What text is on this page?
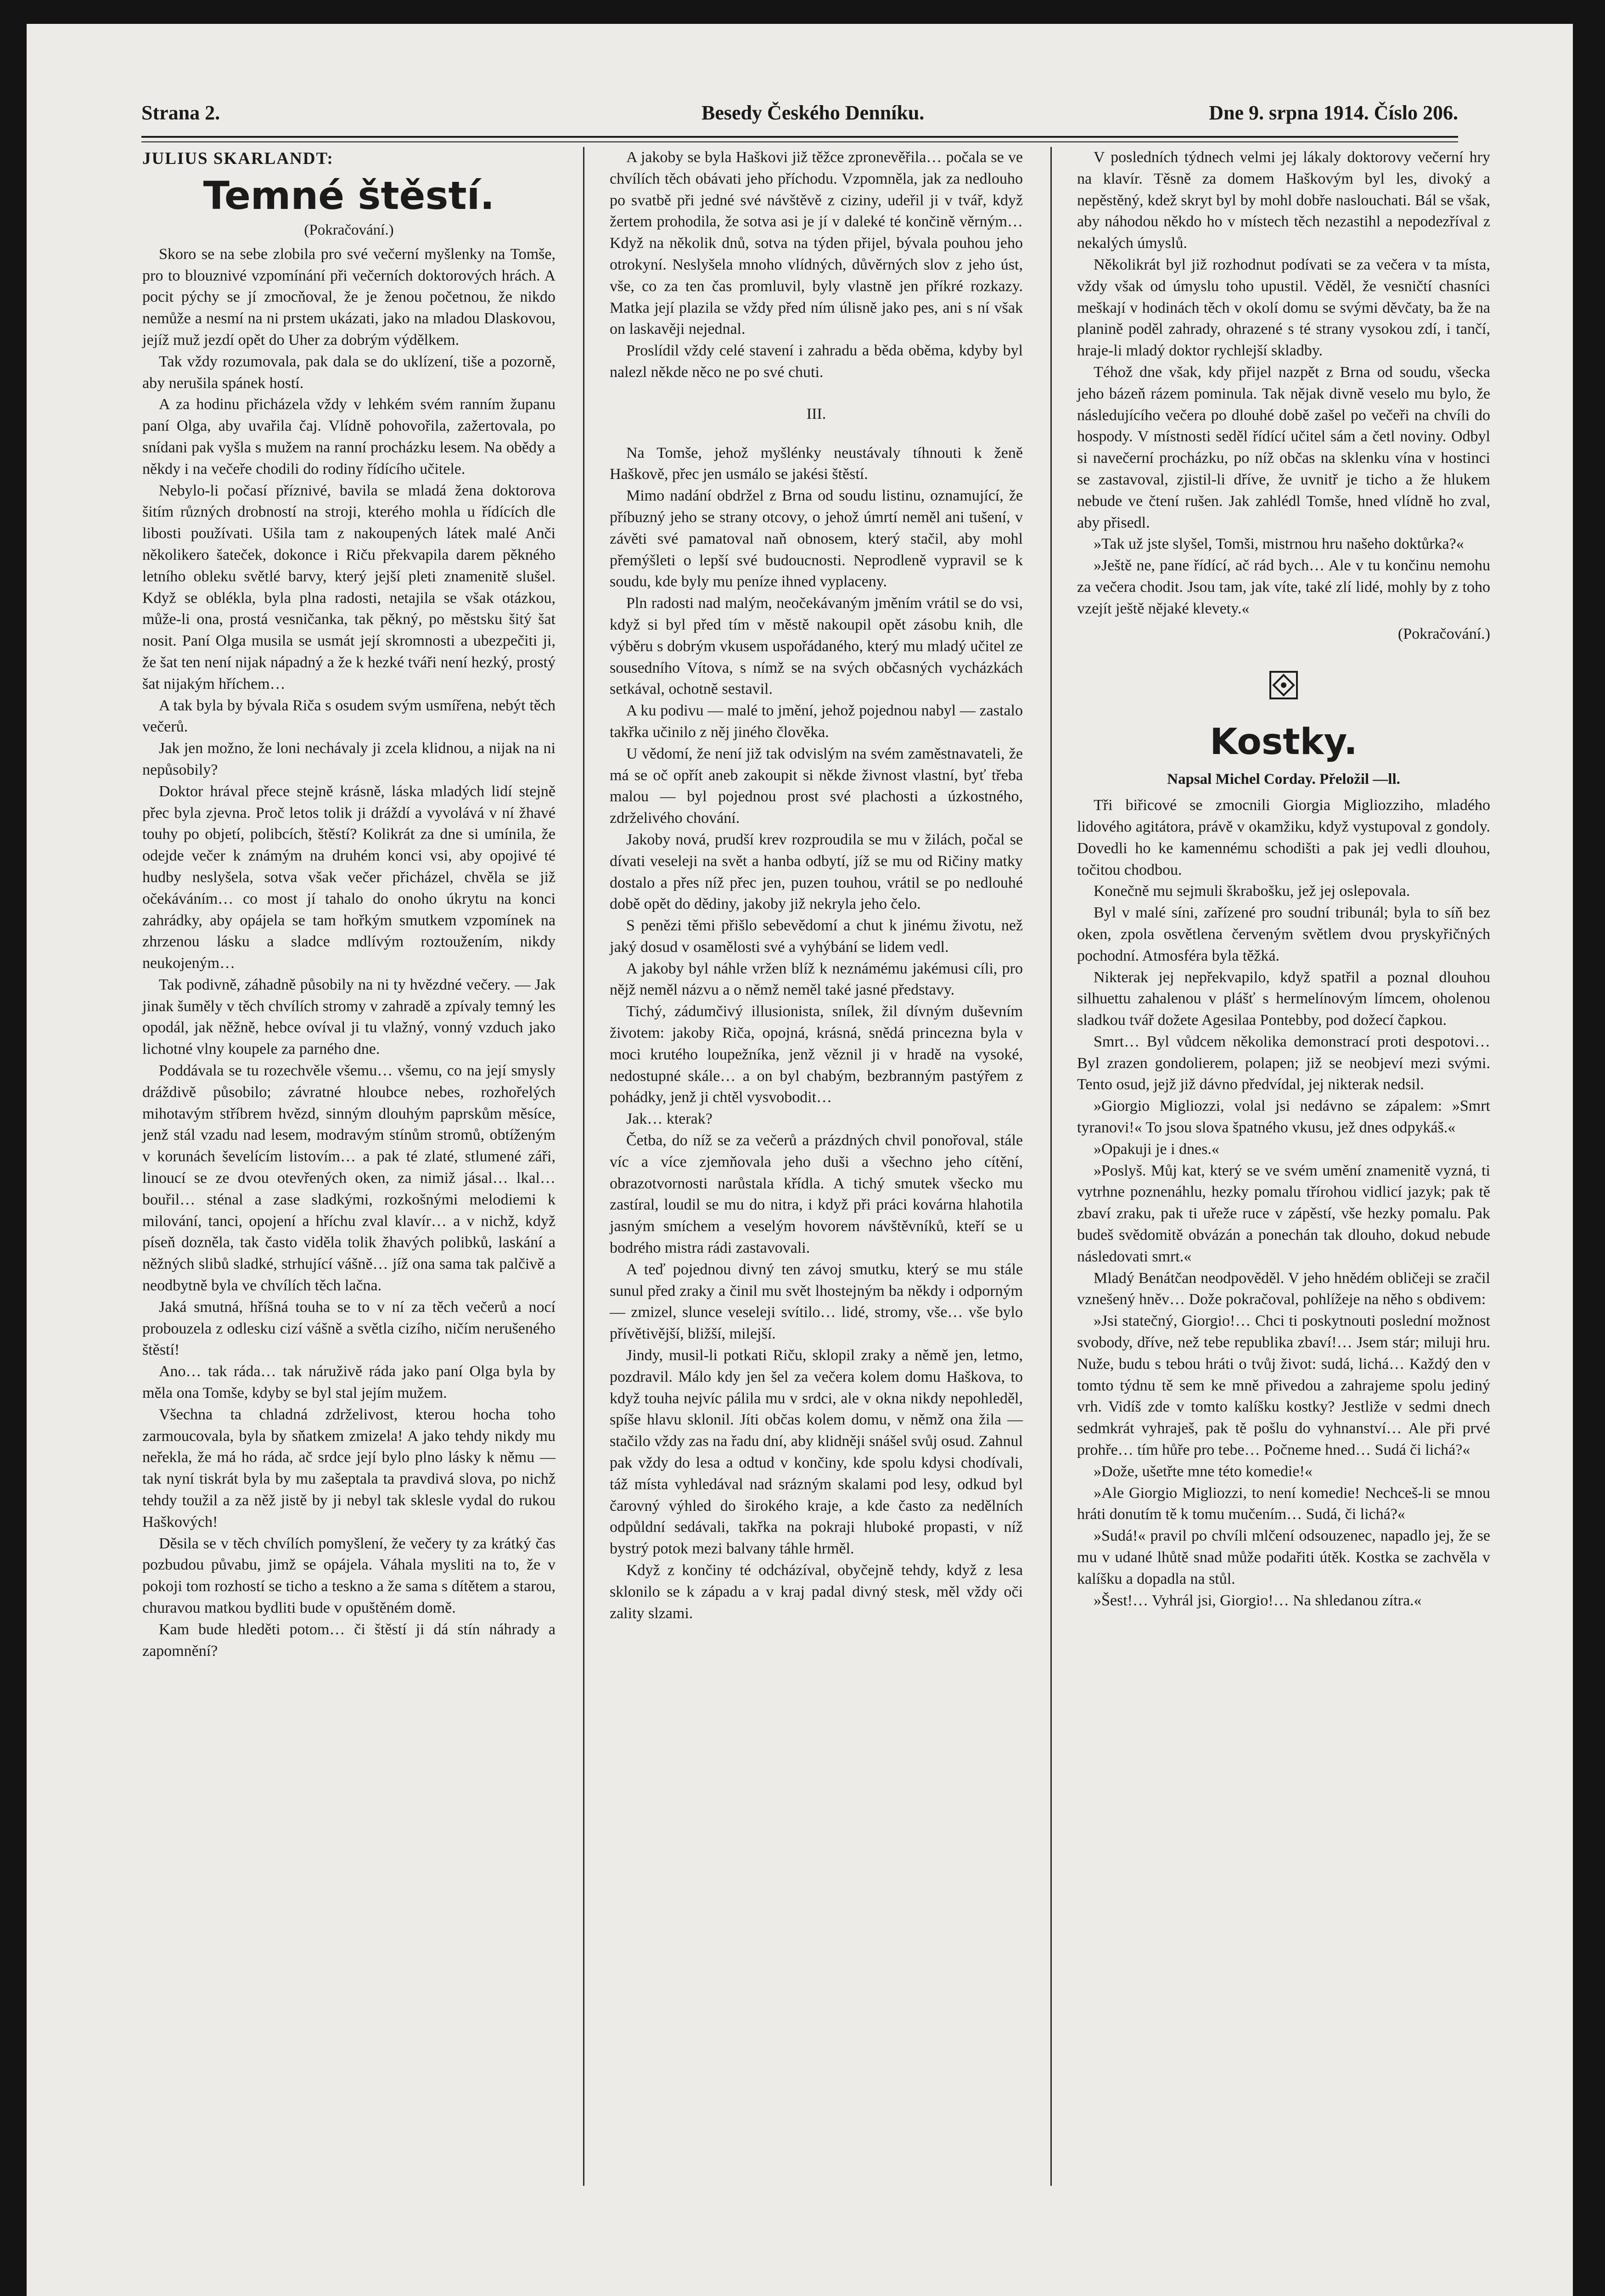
Strana 2.	Besedy Českého Denníku.	Dne 9. srpna 1914. Číslo 206.
JULIUS SKARLANDT:
Temné štěstí.
(Pokračování.)

Skoro se na sebe zlobila pro své večerní myšlenky na Tomše, pro to blouznivé vzpomínání při večerních doktorových hrách. A pocit pýchy se jí zmocňoval, že je ženou početnou, že nikdo nemůže a nesmí na ni prstem ukázati, jako na mladou Dlaskovou, jejíž muž jezdí opět do Uher za dobrým výdělkem.

Tak vždy rozumovala, pak dala se do uklízení, tiše a pozorně, aby nerušila spánek hostí.

A za hodinu přicházela vždy v lehkém svém ranním županu paní Olga, aby uvařila čaj. Vlídně pohovořila, zažertovala, po snídani pak vyšla s mužem na ranní procházku lesem. Na obědy a někdy i na večeře chodili do rodiny řídícího učitele.

Nebylo-li počasí příznivé, bavila se mladá žena doktorova šitím různých drobností na stroji, kterého mohla u řídících dle libosti používati. Ušila tam z nakoupených látek malé Anči několikero šateček, dokonce i Riču překvapila darem pěkného letního obleku světlé barvy, který jejší pleti znamenitě slušel. Když se oblékla, byla plna radosti, netajila se však otázkou, může-li ona, prostá vesničanka, tak pěkný, po městsku šitý šat nosit. Paní Olga musila se usmát její skromnosti a ubezpečiti ji, že šat ten není nijak nápadný a že k hezké tváři není hezký, prostý šat nijakým hříchem…

A tak byla by bývala Riča s osudem svým usmířena, nebýt těch večerů.

Jak jen možno, že loni nechávaly ji zcela klidnou, a nijak na ni nepůsobily?

Doktor hrával přece stejně krásně, láska mladých lidí stejně přec byla zjevna. Proč letos tolik ji dráždí a vyvolává v ní žhavé touhy po objetí, polibcích, štěstí? Kolikrát za dne si umínila, že odejde večer k známým na druhém konci vsi, aby opojivé té hudby neslyšela, sotva však večer přicházel, chvěla se již očekáváním… co most jí tahalo do onoho úkrytu na konci zahrádky, aby opájela se tam hořkým smutkem vzpomínek na zhrzenou lásku a sladce mdlívým roztoužením, nikdy neukojeným…

Tak podivně, záhadně působily na ni ty hvězdné večery. — Jak jinak šuměly v těch chvílích stromy v zahradě a zpívaly temný les opodál, jak něžně, hebce ovíval ji tu vlažný, vonný vzduch jako lichotné vlny koupele za parného dne.

Poddávala se tu rozechvěle všemu… všemu, co na její smysly dráždivě působilo; závratné hloubce nebes, rozhořelých mihotavým stříbrem hvězd, sinným dlouhým paprskům měsíce, jenž stál vzadu nad lesem, modravým stínům stromů, obtíženým v korunách ševelícím listovím… a pak té zlaté, stlumené záři, linoucí se ze dvou otevřených oken, za nimiž jásal… lkal… bouřil… sténal a zase sladkými, rozkošnými melodiemi k milování, tanci, opojení a hříchu zval klavír… a v nichž, když píseň dozněla, tak často viděla tolik žhavých polibků, laskání a něžných slibů sladké, strhující vášně… jíž ona sama tak palčivě a neodbytně byla ve chvílích těch lačna.

Jaká smutná, hříšná touha se to v ní za těch večerů a nocí probouzela z odlesku cizí vášně a světla cizího, ničím nerušeného štěstí!

Ano… tak ráda… tak náruživě ráda jako paní Olga byla by měla ona Tomše, kdyby se byl stal jejím mužem.

Všechna ta chladná zdrželivost, kterou hocha toho zarmoucovala, byla by sňatkem zmizela! A jako tehdy nikdy mu neřekla, že má ho ráda, ač srdce její bylo plno lásky k němu — tak nyní tiskrát byla by mu zašeptala ta pravdivá slova, po nichž tehdy toužil a za něž jistě by ji nebyl tak sklesle vydal do rukou Haškových!

Děsila se v těch chvílích pomyšlení, že večery ty za krátký čas pozbudou půvabu, jimž se opájela. Váhala mysliti na to, že v pokoji tom rozhostí se ticho a teskno a že sama s dítětem a starou, churavou matkou bydliti bude v opuštěném domě.

Kam bude hleděti potom… či štěstí ji dá stín náhrady a zapomnění?

A jakoby se byla Haškovi již těžce zpronevěřila… počala se ve chvílích těch obávati jeho příchodu. Vzpomněla, jak za nedlouho po svatbě při jedné své návštěvě z ciziny, udeřil ji v tvář, když žertem prohodila, že sotva asi je jí v daleké té končině věrným… Když na několik dnů, sotva na týden přijel, bývala pouhou jeho otrokyní. Neslyšela mnoho vlídných, důvěrných slov z jeho úst, vše, co za ten čas promluvil, byly vlastně jen příkré rozkazy. Matka její plazila se vždy před ním úlisně jako pes, ani s ní však on laskavěji nejednal.

Proslídil vždy celé stavení i zahradu a běda oběma, kdyby byl nalezl někde něco ne po své chuti.

III.

Na Tomše, jehož myšlénky neustávaly tíhnouti k ženě Haškově, přec jen usmálo se jakési štěstí.

Mimo nadání obdržel z Brna od soudu listinu, oznamující, že příbuzný jeho se strany otcovy, o jehož úmrtí neměl ani tušení, v závěti své pamatoval naň obnosem, který stačil, aby mohl přemýšleti o lepší své budoucnosti. Neprodleně vypravil se k soudu, kde byly mu peníze ihned vyplaceny.

Pln radosti nad malým, neočekávaným jměním vrátil se do vsi, když si byl před tím v městě nakoupil opět zásobu knih, dle výběru s dobrým vkusem uspořádaného, který mu mladý učitel ze sousedního Vítova, s nímž se na svých občasných vycházkách setkával, ochotně sestavil.

A ku podivu — malé to jmění, jehož pojednou nabyl — zastalo takřka učinilo z něj jiného člověka.

U vědomí, že není již tak odvislým na svém zaměstnavateli, že má se oč opřít aneb zakoupit si někde živnost vlastní, byť třeba malou — byl pojednou prost své plachosti a úzkostného, zdrželivého chování.

Jakoby nová, prudší krev rozproudila se mu v žilách, počal se dívati veseleji na svět a hanba odbytí, jíž se mu od Ričiny matky dostalo a přes níž přec jen, puzen touhou, vrátil se po nedlouhé době opět do dědiny, jakoby již nekryla jeho čelo.

S penězi těmi přišlo sebevědomí a chut k jinému životu, než jaký dosud v osamělosti své a vyhýbání se lidem vedl.

A jakoby byl náhle vržen blíž k neznámému jakémusi cíli, pro nějž neměl názvu a o němž neměl také jasné představy.

Tichý, zádumčivý illusionista, snílek, žil dívným duševním životem: jakoby Riča, opojná, krásná, snědá princezna byla v moci krutého loupežníka, jenž věznil ji v hradě na vysoké, nedostupné skále… a on byl chabým, bezbranným pastýřem z pohádky, jenž ji chtěl vysvobodit…

Jak… kterak?

Četba, do níž se za večerů a prázdných chvil ponořoval, stále víc a více zjemňovala jeho duši a všechno jeho cítění, obrazotvornosti narůstala křídla. A tichý smutek všecko mu zastíral, loudil se mu do nitra, i když při práci kovárna hlahotila jasným smíchem a veselým hovorem návštěvníků, kteří se u bodrého mistra rádi zastavovali.

A teď pojednou divný ten závoj smutku, který se mu stále sunul před zraky a činil mu svět lhostejným ba někdy i odporným — zmizel, slunce veseleji svítilo… lidé, stromy, vše… vše bylo přívětivější, bližší, milejší.

Jindy, musil-li potkati Riču, sklopil zraky a němě jen, letmo, pozdravil. Málo kdy jen šel za večera kolem domu Haškova, to když touha nejvíc pálila mu v srdci, ale v okna nikdy nepohleděl, spíše hlavu sklonil. Jíti občas kolem domu, v němž ona žila — stačilo vždy zas na řadu dní, aby klidněji snášel svůj osud. Zahnul pak vždy do lesa a odtud v končiny, kde spolu kdysi chodívali, táž místa vyhledával nad srázným skalami pod lesy, odkud byl čarovný výhled do širokého kraje, a kde často za nedělních odpůldní sedávali, takřka na pokraji hluboké propasti, v níž bystrý potok mezi balvany táhle hrměl.

Když z končiny té odcházíval, obyčejně tehdy, když z lesa sklonilo se k západu a v kraj padal divný stesk, měl vždy oči zality slzami.

V posledních týdnech velmi jej lákaly doktorovy večerní hry na klavír. Těsně za domem Haškovým byl les, divoký a nepěstěný, kdež skryt byl by mohl dobře naslouchati. Bál se však, aby náhodou někdo ho v místech těch nezastihl a nepodezříval z nekalých úmyslů.

Několikrát byl již rozhodnut podívati se za večera v ta místa, vždy však od úmyslu toho upustil. Věděl, že vesničtí chasníci meškají v hodinách těch v okolí domu se svými děvčaty, ba že na planině poděl zahrady, ohrazené s té strany vysokou zdí, i tančí, hraje-li mladý doktor rychlejší skladby.

Téhož dne však, kdy přijel nazpět z Brna od soudu, všecka jeho bázeň rázem pominula. Tak nějak divně veselo mu bylo, že následujícího večera po dlouhé době zašel po večeři na chvíli do hospody. V místnosti seděl řídící učitel sám a četl noviny. Odbyl si navečerní procházku, po níž občas na sklenku vína v hostinci se zastavoval, zjistil-li dříve, že uvnitř je ticho a že hlukem nebude ve čtení rušen. Jak zahlédl Tomše, hned vlídně ho zval, aby přisedl.

»Tak už jste slyšel, Tomši, mistrnou hru našeho doktůrka?«

»Ještě ne, pane řídící, ač rád bych… Ale v tu končinu nemohu za večera chodit. Jsou tam, jak víte, také zlí lidé, mohly by z toho vzejít ještě nějaké klevety.«

(Pokračování.)
Kostky.
Napsal Michel Corday. Přeložil —ll.

Tři biřicové se zmocnili Giorgia Migliozziho, mladého lidového agitátora, právě v okamžiku, když vystupoval z gondoly. Dovedli ho ke kamennému schodišti a pak jej vedli dlouhou, točitou chodbou.

Konečně mu sejmuli škrabošku, jež jej oslepovala.

Byl v malé síni, zařízené pro soudní tribunál; byla to síň bez oken, zpola osvětlena červeným světlem dvou pryskyřičných pochodní. Atmosféra byla těžká.

Nikterak jej nepřekvapilo, když spatřil a poznal dlouhou silhuettu zahalenou v plášť s hermelínovým límcem, oholenou sladkou tvář dožete Agesilaa Pontebby, pod dožecí čapkou.

Smrt… Byl vůdcem několika demonstrací proti despotovi… Byl zrazen gondolierem, polapen; již se neobjeví mezi svými. Tento osud, jejž již dávno předvídal, jej nikterak nedsil.

»Giorgio Migliozzi, volal jsi nedávno se zápalem: »Smrt tyranovi!« To jsou slova špatného vkusu, jež dnes odpykáš.«

»Opakuji je i dnes.«

»Poslyš. Můj kat, který se ve svém umění znamenitě vyzná, ti vytrhne poznenáhlu, hezky pomalu třírohou vidlicí jazyk; pak tě zbaví zraku, pak ti uřeže ruce v zápěstí, vše hezky pomalu. Pak budeš svědomitě obvázán a ponechán tak dlouho, dokud nebude následovati smrt.«

Mladý Benátčan neodpověděl. V jeho hnědém obličeji se zračil vznešený hněv… Dože pokračoval, pohlížeje na něho s obdivem:

»Jsi statečný, Giorgio!… Chci ti poskytnouti poslední možnost svobody, dříve, než tebe republika zbaví!… Jsem stár; miluji hru. Nuže, budu s tebou hráti o tvůj život: sudá, lichá… Každý den v tomto týdnu tě sem ke mně přivedou a zahrajeme spolu jediný vrh. Vidíš zde v tomto kalíšku kostky? Jestliže v sedmi dnech sedmkrát vyhraješ, pak tě pošlu do vyhnanství… Ale při prvé prohře… tím hůře pro tebe… Počneme hned… Sudá či lichá?«

»Dože, ušetřte mne této komedie!«

»Ale Giorgio Migliozzi, to není komedie! Nechceš-li se mnou hráti donutím tě k tomu mučením… Sudá, či lichá?«

»Sudá!« pravil po chvíli mlčení odsouzenec, napadlo jej, že se mu v udané lhůtě snad může podařiti útěk. Kostka se zachvěla v kalíšku a dopadla na stůl.

»Šest!… Vyhrál jsi, Giorgio!… Na shledanou zítra.«
